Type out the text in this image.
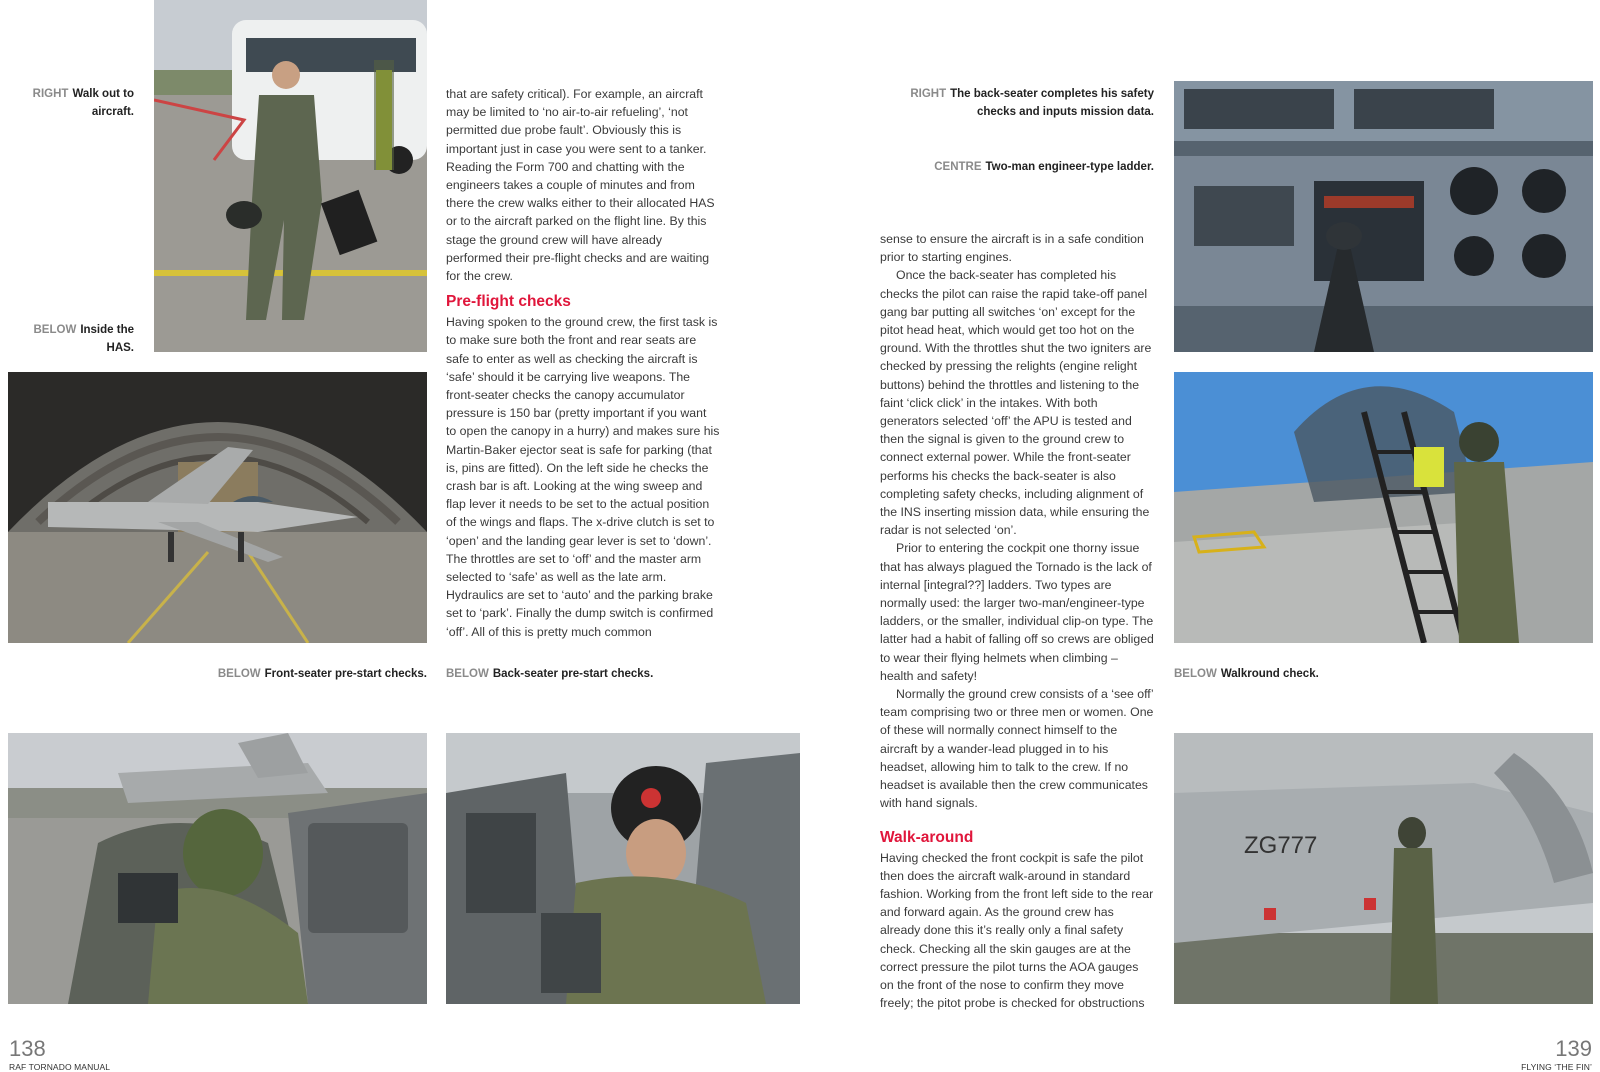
ZG777
RIGHT Walk out to aircraft.
BELOW Inside the HAS.
BELOW Front-seater pre-start checks. BELOW Back-seater pre-start checks.
RIGHT The back-seater completes his safety checks and inputs mission data.
CENTRE Two-man engineer-type ladder.
BELOW Walkround check.

that are safety critical). For example, an aircraft may be limited to ‘no air-to-air refueling’, ‘not permitted due probe fault’. Obviously this is important just in case you were sent to a tanker. Reading the Form 700 and chatting with the engineers takes a couple of minutes and from there the crew walks either to their allocated HAS or to the aircraft parked on the flight line. By this stage the ground crew will have already performed their pre-flight checks and are waiting for the crew.

Pre-flight checks

Having spoken to the ground crew, the first task is to make sure both the front and rear seats are safe to enter as well as checking the aircraft is ‘safe’ should it be carrying live weapons. The front-seater checks the canopy accumulator pressure is 150 bar (pretty important if you want to open the canopy in a hurry) and makes sure his Martin-Baker ejector seat is safe for parking (that is, pins are fitted). On the left side he checks the crash bar is aft. Looking at the wing sweep and flap lever it needs to be set to the actual position of the wings and flaps. The x-drive clutch is set to ‘open’ and the landing gear lever is set to ‘down’. The throttles are set to ‘off’ and the master arm selected to ‘safe’ as well as the late arm. Hydraulics are set to ‘auto’ and the parking brake set to ‘park’. Finally the dump switch is confirmed ‘off’. All of this is pretty much common

sense to ensure the aircraft is in a safe condition prior to starting engines.

Once the back-seater has completed his checks the pilot can raise the rapid take-off panel gang bar putting all switches ‘on’ except for the pitot head heat, which would get too hot on the ground. With the throttles shut the two igniters are checked by pressing the relights (engine relight buttons) behind the throttles and listening to the faint ‘click click’ in the intakes. With both generators selected ‘off’ the APU is tested and then the signal is given to the ground crew to connect external power. While the front-seater performs his checks the back-seater is also completing safety checks, including alignment of the INS inserting mission data, while ensuring the radar is not selected ‘on’.

Prior to entering the cockpit one thorny issue that has always plagued the Tornado is the lack of internal [integral??] ladders. Two types are normally used: the larger two-man/engineer-type ladders, or the smaller, individual clip-on type. The latter had a habit of falling off so crews are obliged to wear their flying helmets when climbing – health and safety!

Normally the ground crew consists of a ‘see off’ team comprising two or three men or women. One of these will normally connect himself to the aircraft by a wander-lead plugged in to his headset, allowing him to talk to the crew. If no headset is available then the crew communicates with hand signals.

Walk-around

Having checked the front cockpit is safe the pilot then does the aircraft walk-around in standard fashion. Working from the front left side to the rear and forward again. As the ground crew has already done this it’s really only a final safety check. Checking all the skin gauges are at the correct pressure the pilot turns the AOA gauges on the front of the nose to confirm they move freely; the pitot probe is checked for obstructions

138
RAF TORNADO MANUAL
139
FLYING ‘THE FIN’
